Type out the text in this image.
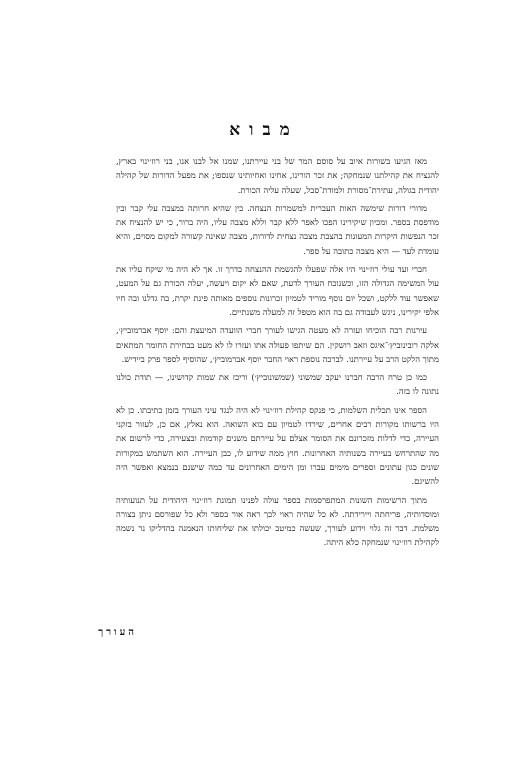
מבוא

מאז הגיעו בשורות איוב על סוסם המר של בני עיירתנו, שמנו אל לבנו אנו, בני רוז׳ינוי בארץ, להנציח את קהילתנו שנמחקה; את זכר הורינו, אחינו ואחיותינו שנספו; את מפעל הדורות של קהילה יהודית בגולה, עתירת־מסורת ולמודת־סבל, שעלה עליה הכורת.

מדורי דורות שימשה האות העברית למשמרות הנצחה. בין שהיא חרותה במצבה עלי קבר ובין מודפסת בספר. ומכיון שיקירינו הפכו לאפר ללא קבר וללא מצבה עליו, היה ברור, כי יש להנציח את זכר הנפשות היקרות המעונות בהצבת מצבה נצחית לדורות, מצבה שאינה קשורה למקום מסוים, והיא עומדת לעד — היא מצבה כתובה על ספר.

חברי ועד עולי רוז׳ינוי היו אלה שפעלו להגשמת ההנצחה בדרך זו. אך לא היה מי שיקח עליו את עול המשימה הגדולה הזו, וכשנוכח העורך לדעת, שאם לא יקום ויעשה, יעלה הכורת גם על המעט, שאפשר עוד ללקט, ושכל יום נוסף מוריד לטמיון זכרונות נוספים מאותה פינת יקרת, בה גדלנו ובה חיו אלפי יקירינו, ניגש לעבודה גם בה הוא מטפל זה למעלה משנתיים.

עירנות רבה הוכיחו ועזרה לא מעטה הגישו לעורך חברי הוועדה המיעצת והם: יוסף אברמוביץ׳, אלקה רובינוביץ׳־איגס וזאב רושקין. הם שיתפו פעולה אתו ועזרו לו לא מעט בבחירת החומר המתאים מתוך הלקט הרב על עיירתנו. לברכה נוספת ראוי החבר יוסף אברמוביץ׳, שהוסיף לספר פרק ביידיש.

כמו כן טרח הרבה חברנו יעקב שמשוני (שמשונוביץ׳) וריכז את שמות קדושינו, — תודת כולנו נתונה לו בזה.

הספר אינו תכלית השלמות, כי פנקס קהילת רוז׳ינוי לא היה לנגד עיני העורך בזמן כתיבתו. כן לא היו ברשותו מקורות רבים אחרים, שירדו לטמיון עם בוא השואה. הוא נאלץ, אם כן, לעזור בזקני העיירה, כדי לדלות מזכרונם את הסומר אצלם על עיירתם משנים קודמות ובצעירה, כדי לרשום את מה שהתרחש בעיירה בשנותיה האחרונות. חוץ ממה שידוע לו, כבן העיירה. הוא השתמש במקורות שונים כגון עתונים וספרים מימים עברו ומן הימים האחרונים עד כמה שישנם בנמצא ואפשר היה להשיגם.

מתוך הרשימות השונות המתפרסמות בספר עולה לפנינו תמונת רוז׳ינוי היהודית על תנועותיה ומוסדותיה, פריחתה ויירידתה. לא כל שהיה ראוי לכך ראה אור בספר ולא כל שפורסם ניתן בצורה משלמת. דבר זה גלוי וידוע לעורך, שעשה כמיטב יכולתו את שליחותו הנאמנה בהדליקו נר נשמה לקהילת רוז׳ינוי שנמחקה כלא היתה.

העורך
